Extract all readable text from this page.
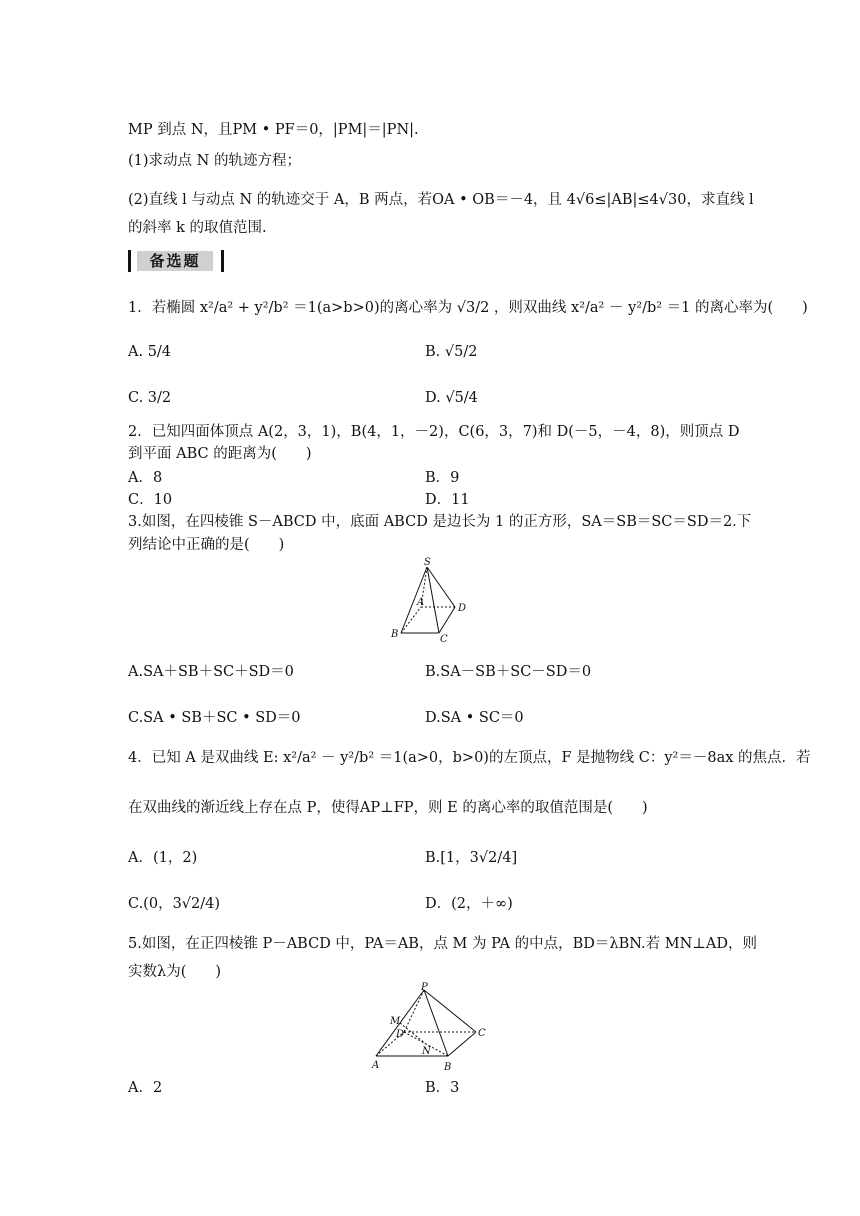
MP 到点 N，且PM • PF＝0，|PM|＝|PN|.
(1)求动点 N 的轨迹方程；
(2)直线 l 与动点 N 的轨迹交于 A，B 两点，若OA • OB＝－4，且 4√6≤|AB|≤4√30，求直线 l
的斜率 k 的取值范围.
备选题
1．若椭圆 x²/a² + y²/b² ＝1(a>b>0)的离心率为 √3/2 ，则双曲线 x²/a² － y²/b² ＝1 的离心率为(　　)
A. 5/4	B. √5/2
C. 3/2	D. √5/4
2．已知四面体顶点 A(2，3，1)，B(4，1，－2)，C(6，3，7)和 D(－5，－4，8)，则顶点 D
到平面 ABC 的距离为(　　)
A．8	B．9
C．10	D．11
3.如图，在四棱锥 S－ABCD 中，底面 ABCD 是边长为 1 的正方形，SA＝SB＝SC＝SD＝2.下
列结论中正确的是(　　)
S
A
D
B	C
A.SA＋SB＋SC＋SD＝0	B.SA－SB＋SC－SD＝0
C.SA • SB＋SC • SD＝0	D.SA • SC＝0
4．已知 A 是双曲线 E: x²/a² － y²/b² ＝1(a>0，b>0)的左顶点，F 是抛物线 C：y²＝－8ax 的焦点．若
在双曲线的渐近线上存在点 P，使得AP⊥FP，则 E 的离心率的取值范围是(　　)
A．(1，2)	B.[1，3√2/4]
C.(0，3√2/4)	D．(2，＋∞)
5.如图，在正四棱锥 P－ABCD 中，PA＝AB，点 M 为 PA 的中点，BD＝λBN.若 MN⊥AD，则
实数λ为(　　)
P
M
D	C
N
A	B
A．2	B．3
